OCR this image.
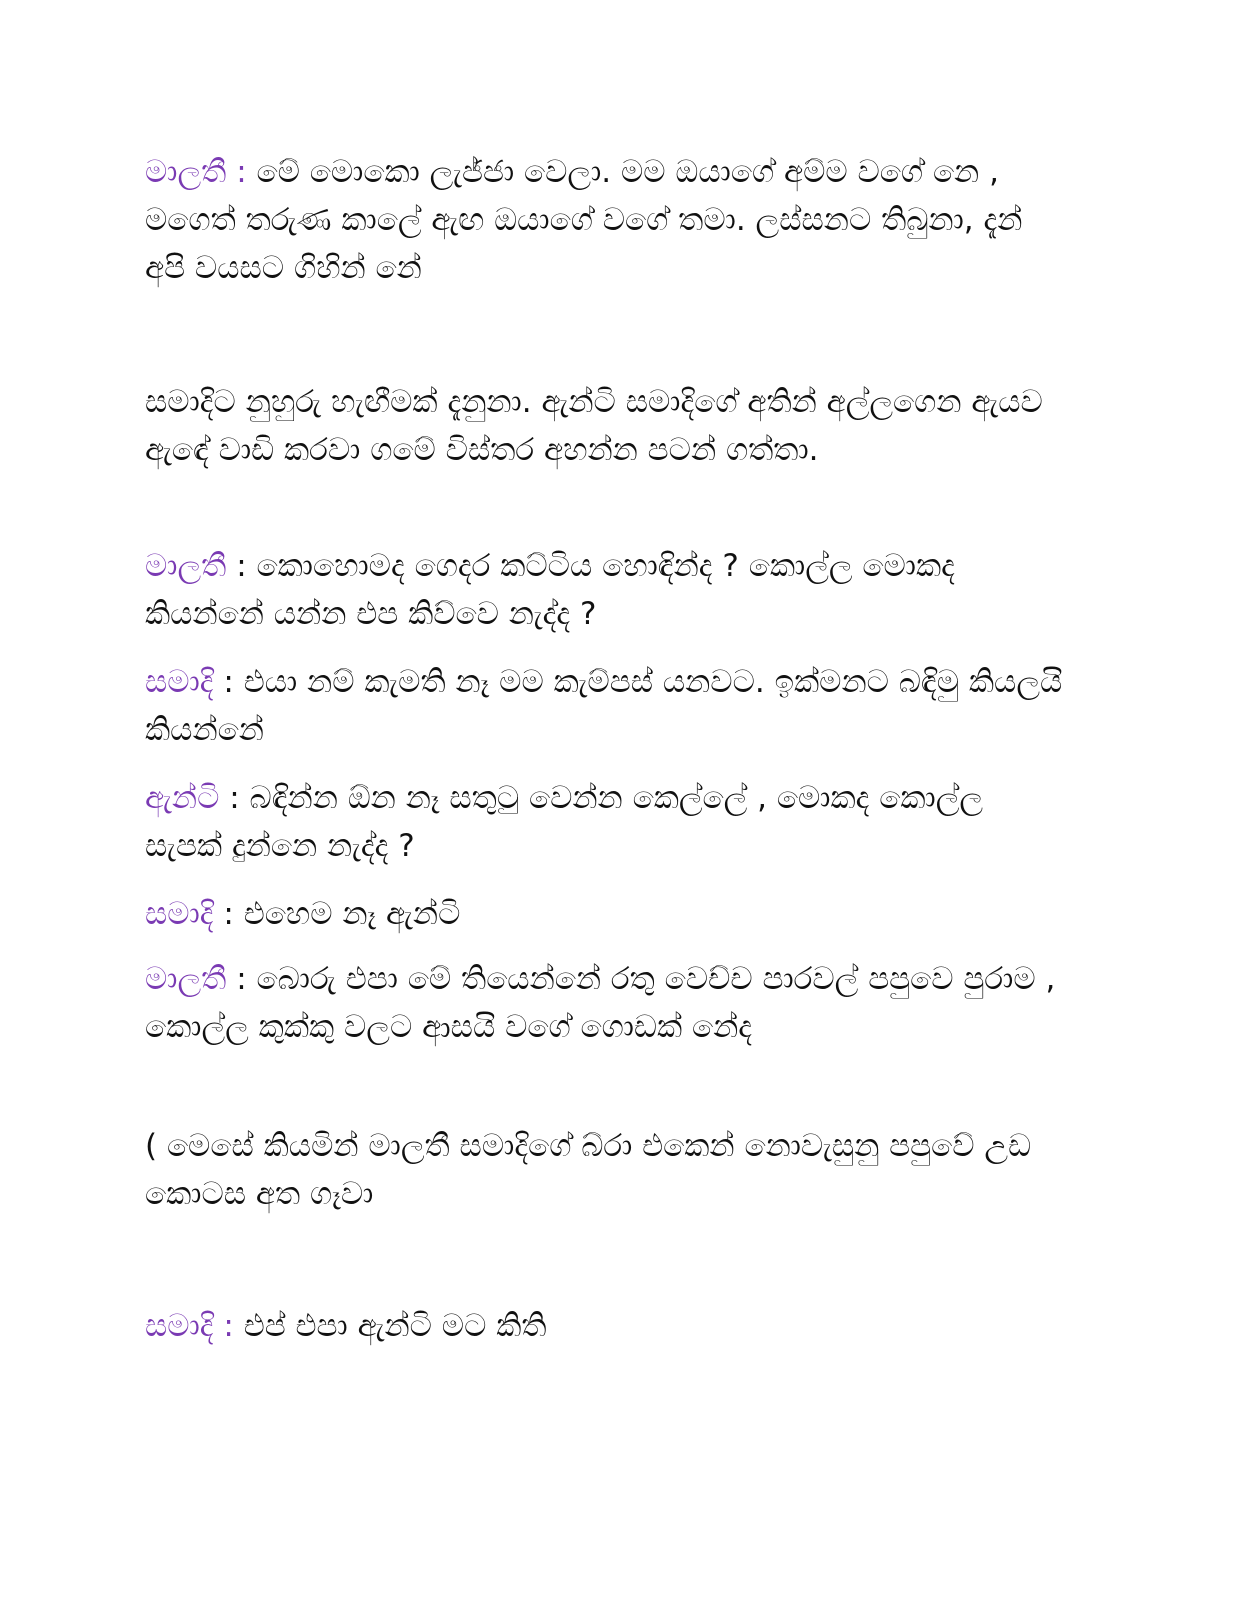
මාලතී : මේ මොකො ලැජ්ජා වෙලා. මම ඔයාගේ අම්ම වගේ නෙ , මගෙත් තරුණ කාලේ ඇඟ ඔයාගේ වගේ තමා. ලස්සනට තිබුනා, දැන් අපි වයසට ගිහින් නේ
සමාදිට නුහුරු හැඟීමක් දැනුනා. ඇන්ටි සමාදිගේ අතින් අල්ලගෙන ඇයව ඇඳේ වාඩි කරවා ගමේ විස්තර අහන්න පටන් ගත්තා.
මාලතී : කොහොමද ගෙදර කට්ටිය හොඳින්ද ? කොල්ල මොකද කියන්නේ යන්න එප කිව්වෙ නැද්ද ?
සමාදි : එයා නම් කැමති නෑ මම කැම්පස් යනවට. ඉක්මනට බඳිමු කියලයි කියන්නේ
ඇන්ටි : බඳින්න ඕන නෑ සතුටු වෙන්න කෙල්ලේ , මොකද කොල්ල සැපක් දුන්නෙ නැද්ද ?
සමාදි : එහෙම නෑ ඇන්ටි
මාලතී : බොරු එපා මේ තියෙන්නේ රතු වෙච්ච පාරවල් පපුවෙ පුරාම , කොල්ල කුක්කු වලට ආසයි වගේ ගොඩක් නේද
( මෙසේ කියමින් මාලතී සමාදිගේ බ්රා එකෙන් නොවැසුනු පපුවේ උඩ කොටස අත ගෑවා
සමාදි : එප් එපා ඇන්ටි මට කිති
